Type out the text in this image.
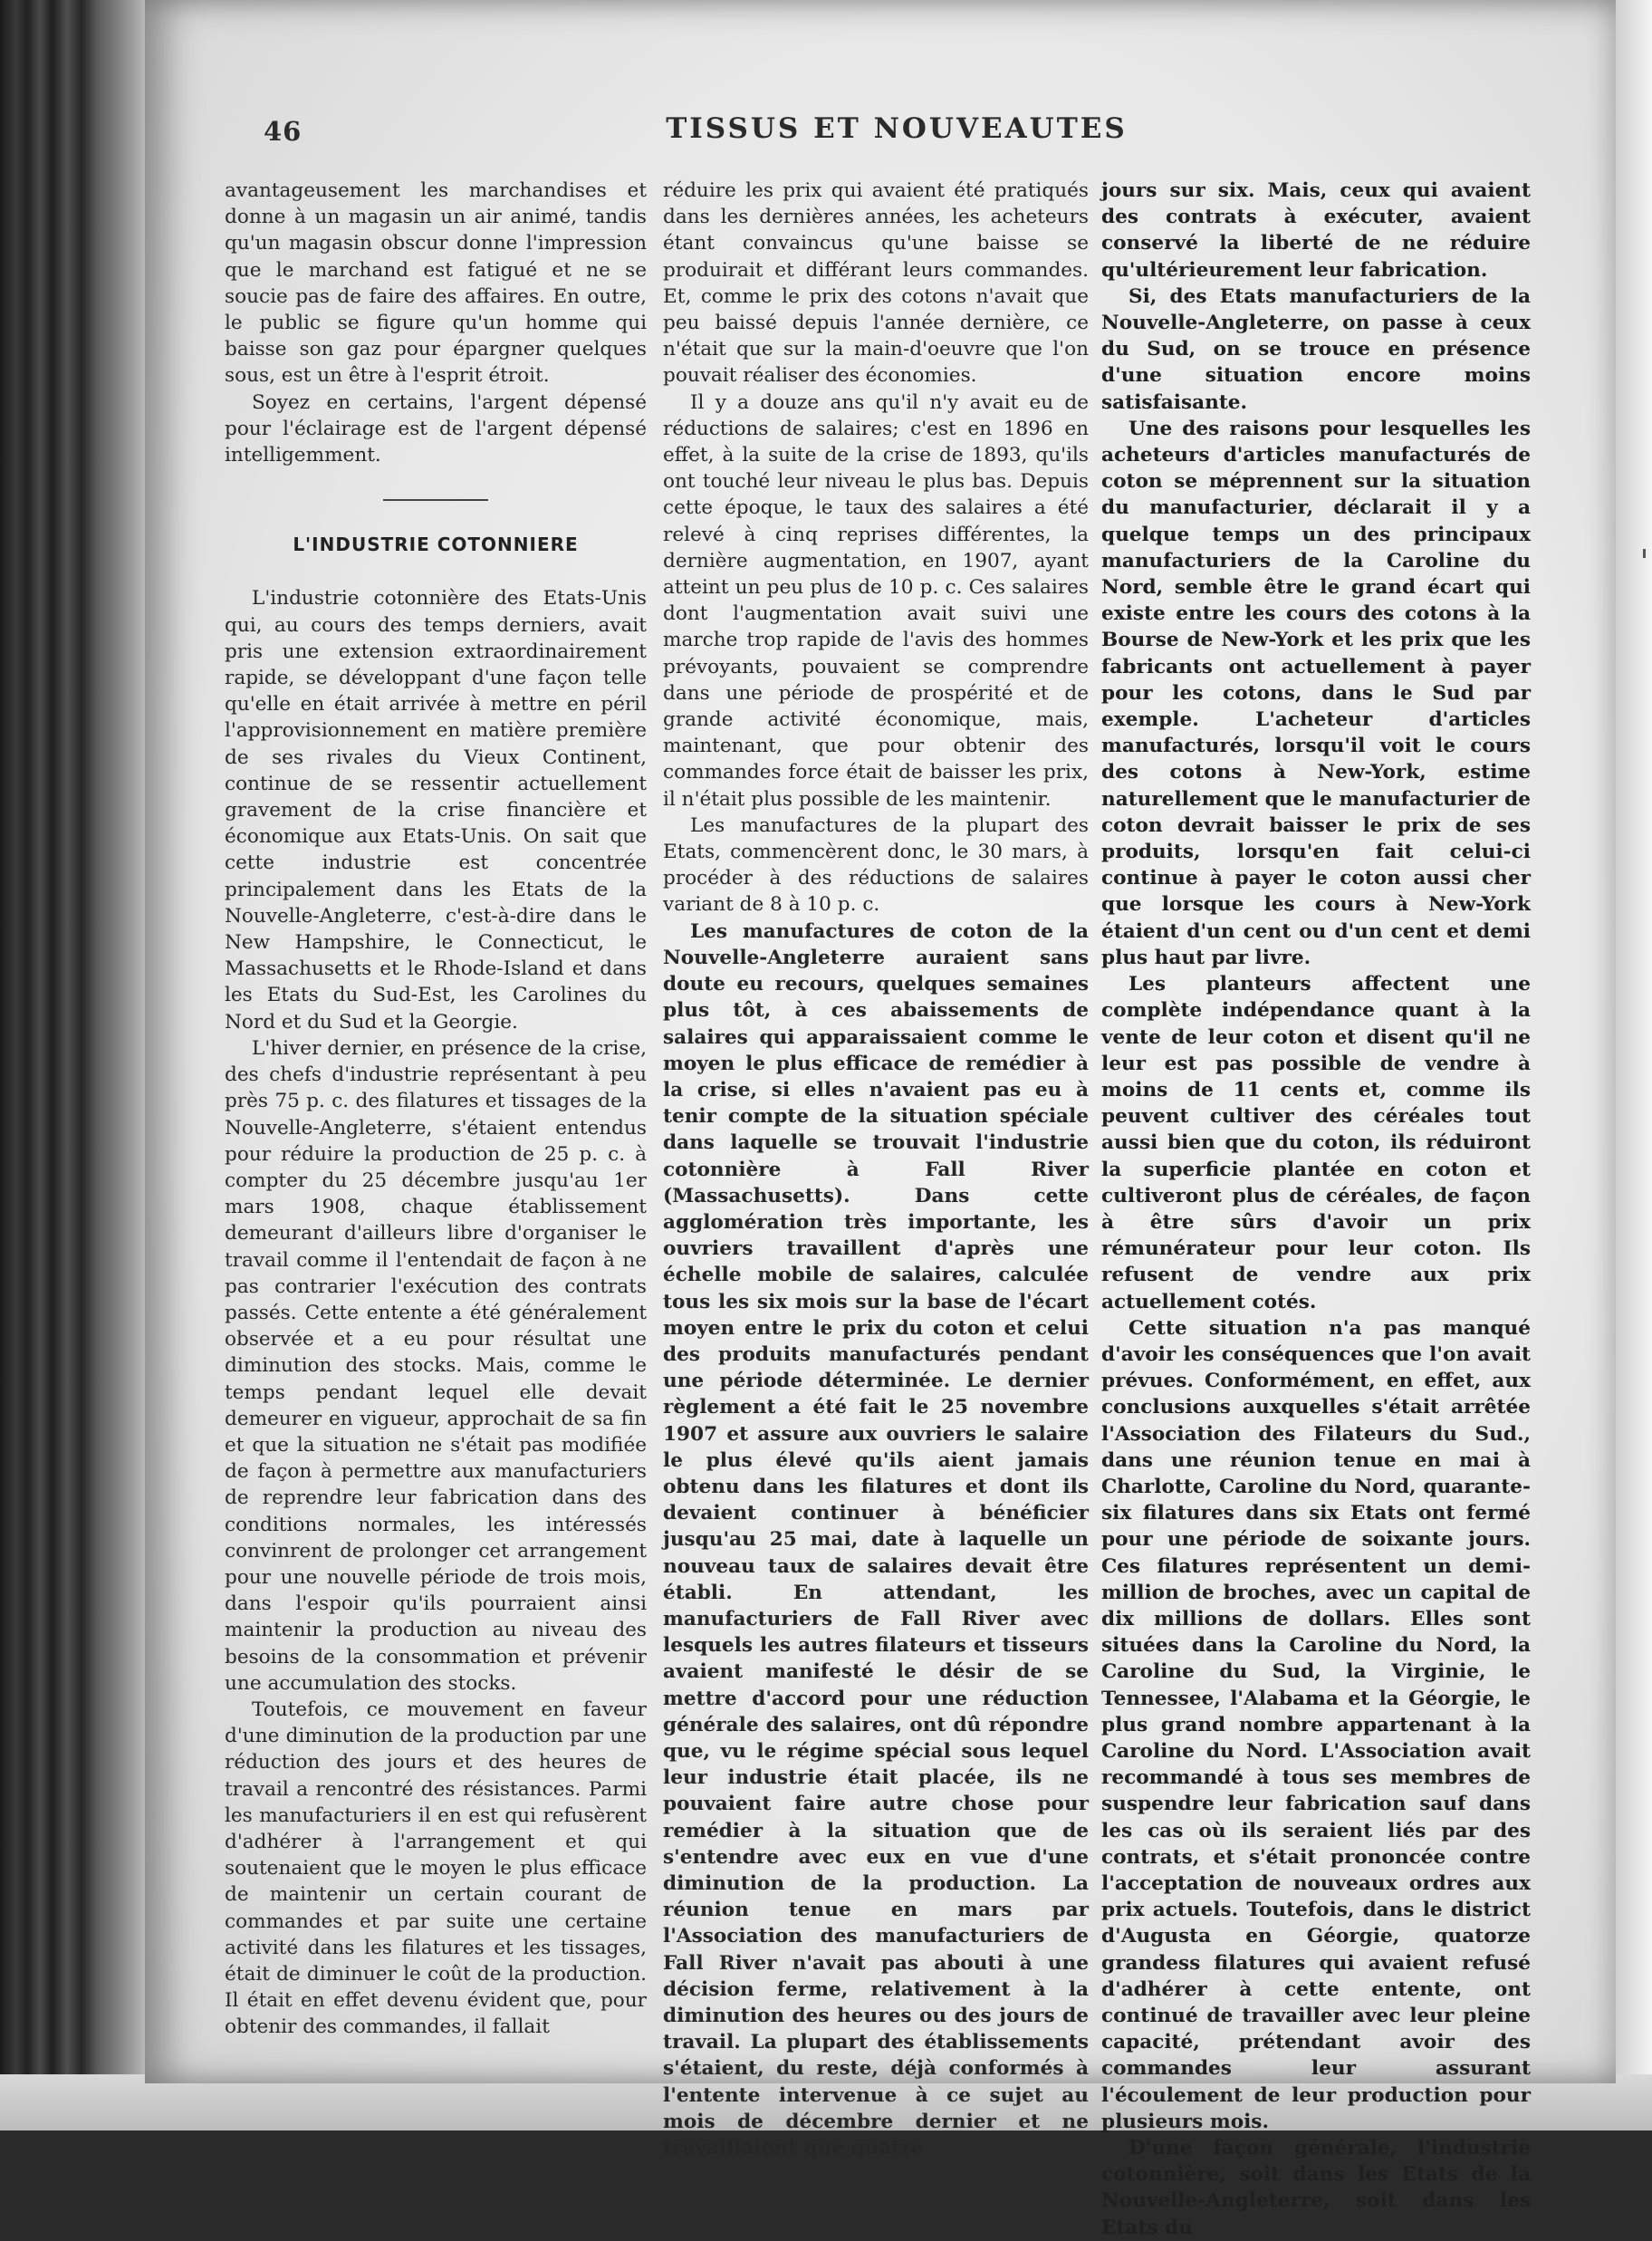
46	TISSUS ET NOUVEAUTES

avantageusement les marchandises et donne à un magasin un air animé, tandis qu'un magasin obscur donne l'impression que le marchand est fatigué et ne se soucie pas de faire des affaires. En outre, le public se figure qu'un homme qui baisse son gaz pour épargner quelques sous, est un être à l'esprit étroit.

Soyez en certains, l'argent dépensé pour l'éclairage est de l'argent dépensé intelligemment.

L'INDUSTRIE COTONNIERE

L'industrie cotonnière des Etats-Unis qui, au cours des temps derniers, avait pris une extension extraordinairement rapide, se développant d'une façon telle qu'elle en était arrivée à mettre en péril l'approvisionnement en matière première de ses rivales du Vieux Continent, continue de se ressentir actuellement gravement de la crise financière et économique aux Etats-Unis. On sait que cette industrie est concentrée principalement dans les Etats de la Nouvelle-Angleterre, c'est-à-dire dans le New Hampshire, le Connecticut, le Massachusetts et le Rhode-Island et dans les Etats du Sud-Est, les Carolines du Nord et du Sud et la Georgie.

L'hiver dernier, en présence de la crise, des chefs d'industrie représentant à peu près 75 p. c. des filatures et tissages de la Nouvelle-Angleterre, s'étaient entendus pour réduire la production de 25 p. c. à compter du 25 décembre jusqu'au 1er mars 1908, chaque établissement demeurant d'ailleurs libre d'organiser le travail comme il l'entendait de façon à ne pas contrarier l'exécution des contrats passés. Cette entente a été généralement observée et a eu pour résultat une diminution des stocks. Mais, comme le temps pendant lequel elle devait demeurer en vigueur, approchait de sa fin et que la situation ne s'était pas modifiée de façon à permettre aux manufacturiers de reprendre leur fabrication dans des conditions normales, les intéressés convinrent de prolonger cet arrangement pour une nouvelle période de trois mois, dans l'espoir qu'ils pourraient ainsi maintenir la production au niveau des besoins de la consommation et prévenir une accumulation des stocks.

Toutefois, ce mouvement en faveur d'une diminution de la production par une réduction des jours et des heures de travail a rencontré des résistances. Parmi les manufacturiers il en est qui refusèrent d'adhérer à l'arrangement et qui soutenaient que le moyen le plus efficace de maintenir un certain courant de commandes et par suite une certaine activité dans les filatures et les tissages, était de diminuer le coût de la production. Il était en effet devenu évident que, pour obtenir des commandes, il fallait

réduire les prix qui avaient été pratiqués dans les dernières années, les acheteurs étant convaincus qu'une baisse se produirait et différant leurs commandes. Et, comme le prix des cotons n'avait que peu baissé depuis l'année dernière, ce n'était que sur la main-d'oeuvre que l'on pouvait réaliser des économies.

Il y a douze ans qu'il n'y avait eu de réductions de salaires; c'est en 1896 en effet, à la suite de la crise de 1893, qu'ils ont touché leur niveau le plus bas. Depuis cette époque, le taux des salaires a été relevé à cinq reprises différentes, la dernière augmentation, en 1907, ayant atteint un peu plus de 10 p. c. Ces salaires dont l'augmentation avait suivi une marche trop rapide de l'avis des hommes prévoyants, pouvaient se comprendre dans une période de prospérité et de grande activité économique, mais, maintenant, que pour obtenir des commandes force était de baisser les prix, il n'était plus possible de les maintenir.

Les manufactures de la plupart des Etats, commencèrent donc, le 30 mars, à procéder à des réductions de salaires variant de 8 à 10 p. c.

Les manufactures de coton de la Nouvelle-Angleterre auraient sans doute eu recours, quelques semaines plus tôt, à ces abaissements de salaires qui apparaissaient comme le moyen le plus efficace de remédier à la crise, si elles n'avaient pas eu à tenir compte de la situation spéciale dans laquelle se trouvait l'industrie cotonnière à Fall River (Massachusetts). Dans cette agglomération très importante, les ouvriers travaillent d'après une échelle mobile de salaires, calculée tous les six mois sur la base de l'écart moyen entre le prix du coton et celui des produits manufacturés pendant une période déterminée. Le dernier règlement a été fait le 25 novembre 1907 et assure aux ouvriers le salaire le plus élevé qu'ils aient jamais obtenu dans les filatures et dont ils devaient continuer à bénéficier jusqu'au 25 mai, date à laquelle un nouveau taux de salaires devait être établi. En attendant, les manufacturiers de Fall River avec lesquels les autres filateurs et tisseurs avaient manifesté le désir de se mettre d'accord pour une réduction générale des salaires, ont dû répondre que, vu le régime spécial sous lequel leur industrie était placée, ils ne pouvaient faire autre chose pour remédier à la situation que de s'entendre avec eux en vue d'une diminution de la production. La réunion tenue en mars par l'Association des manufacturiers de Fall River n'avait pas abouti à une décision ferme, relativement à la diminution des heures ou des jours de travail. La plupart des établissements s'étaient, du reste, déjà conformés à l'entente intervenue à ce sujet au mois de décembre dernier et ne travaillaient que quatre

jours sur six. Mais, ceux qui avaient des contrats à exécuter, avaient conservé la liberté de ne réduire qu'ultérieurement leur fabrication.

Si, des Etats manufacturiers de la Nouvelle-Angleterre, on passe à ceux du Sud, on se trouce en présence d'une situation encore moins satisfaisante.

Une des raisons pour lesquelles les acheteurs d'articles manufacturés de coton se méprennent sur la situation du manufacturier, déclarait il y a quelque temps un des principaux manufacturiers de la Caroline du Nord, semble être le grand écart qui existe entre les cours des cotons à la Bourse de New-York et les prix que les fabricants ont actuellement à payer pour les cotons, dans le Sud par exemple. L'acheteur d'articles manufacturés, lorsqu'il voit le cours des cotons à New-York, estime naturellement que le manufacturier de coton devrait baisser le prix de ses produits, lorsqu'en fait celui-ci continue à payer le coton aussi cher que lorsque les cours à New-York étaient d'un cent ou d'un cent et demi plus haut par livre.

Les planteurs affectent une complète indépendance quant à la vente de leur coton et disent qu'il ne leur est pas possible de vendre à moins de 11 cents et, comme ils peuvent cultiver des céréales tout aussi bien que du coton, ils réduiront la superficie plantée en coton et cultiveront plus de céréales, de façon à être sûrs d'avoir un prix rémunérateur pour leur coton. Ils refusent de vendre aux prix actuellement cotés.

Cette situation n'a pas manqué d'avoir les conséquences que l'on avait prévues. Conformément, en effet, aux conclusions auxquelles s'était arrêtée l'Association des Filateurs du Sud., dans une réunion tenue en mai à Charlotte, Caroline du Nord, quarante-six filatures dans six Etats ont fermé pour une période de soixante jours. Ces filatures représentent un demi-million de broches, avec un capital de dix millions de dollars. Elles sont situées dans la Caroline du Nord, la Caroline du Sud, la Virginie, le Tennessee, l'Alabama et la Géorgie, le plus grand nombre appartenant à la Caroline du Nord. L'Association avait recommandé à tous ses membres de suspendre leur fabrication sauf dans les cas où ils seraient liés par des contrats, et s'était prononcée contre l'acceptation de nouveaux ordres aux prix actuels. Toutefois, dans le district d'Augusta en Géorgie, quatorze grandess filatures qui avaient refusé d'adhérer à cette entente, ont continué de travailler avec leur pleine capacité, prétendant avoir des commandes leur assurant l'écoulement de leur production pour plusieurs mois.

D'une façon générale, l'industrie cotonnière, soit dans les Etats de la Nouvelle-Angleterre, soit dans les Etats du
